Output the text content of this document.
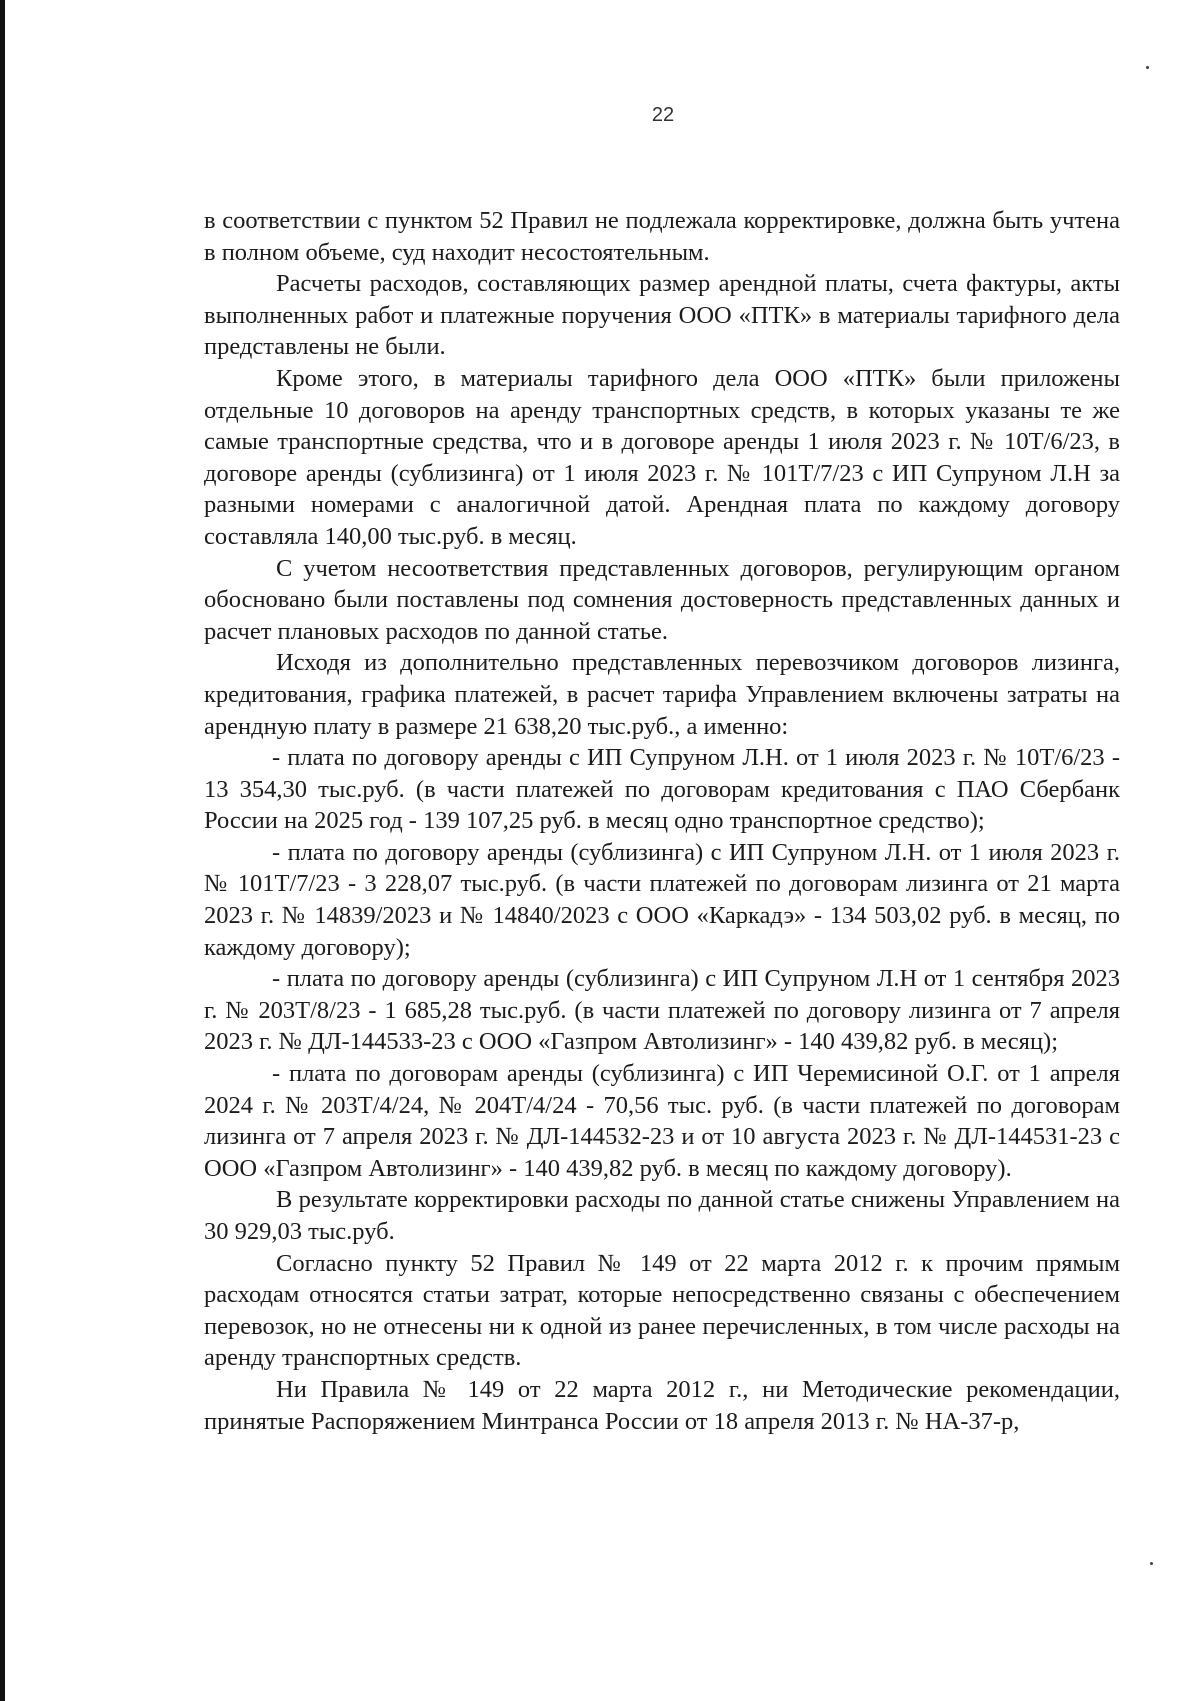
22

в соответствии с пунктом 52 Правил не подлежала корректировке, должна быть учтена в полном объеме, суд находит несостоятельным.

Расчеты расходов, составляющих размер арендной платы, счета фактуры, акты выполненных работ и платежные поручения ООО «ПТК» в материалы тарифного дела представлены не были.

Кроме этого, в материалы тарифного дела ООО «ПТК» были приложены отдельные 10 договоров на аренду транспортных средств, в которых указаны те же самые транспортные средства, что и в договоре аренды 1 июля 2023 г. № 10Т/6/23, в договоре аренды (сублизинга) от 1 июля 2023 г. № 101Т/7/23 с ИП Супруном Л.Н за разными номерами с аналогичной датой. Арендная плата по каждому договору составляла 140,00 тыс.руб. в месяц.

С учетом несоответствия представленных договоров, регулирующим органом обосновано были поставлены под сомнения достоверность представленных данных и расчет плановых расходов по данной статье.

Исходя из дополнительно представленных перевозчиком договоров лизинга, кредитования, графика платежей, в расчет тарифа Управлением включены затраты на арендную плату в размере 21 638,20 тыс.руб., а именно:

- плата по договору аренды с ИП Супруном Л.Н. от 1 июля 2023 г. № 10Т/6/23 - 13 354,30 тыс.руб. (в части платежей по договорам кредитования с ПАО Сбербанк России на 2025 год - 139 107,25 руб. в месяц одно транспортное средство);

- плата по договору аренды (сублизинга) с ИП Супруном Л.Н. от 1 июля 2023 г. № 101Т/7/23 - 3 228,07 тыс.руб. (в части платежей по договорам лизинга от 21 марта 2023 г. № 14839/2023 и № 14840/2023 с ООО «Каркадэ» - 134 503,02 руб. в месяц, по каждому договору);

- плата по договору аренды (сублизинга) с ИП Супруном Л.Н от 1 сентября 2023 г. № 203Т/8/23 - 1 685,28 тыс.руб. (в части платежей по договору лизинга от 7 апреля 2023 г. № ДЛ-144533-23 с ООО «Газпром Автолизинг» - 140 439,82 руб. в месяц);

- плата по договорам аренды (сублизинга) с ИП Черемисиной О.Г. от 1 апреля 2024 г. № 203Т/4/24, № 204Т/4/24 - 70,56 тыс. руб. (в части платежей по договорам лизинга от 7 апреля 2023 г. № ДЛ-144532-23 и от 10 августа 2023 г. № ДЛ-144531-23 с ООО «Газпром Автолизинг» - 140 439,82 руб. в месяц по каждому договору).

В результате корректировки расходы по данной статье снижены Управлением на 30 929,03 тыс.руб.

Согласно пункту 52 Правил № 149 от 22 марта 2012 г. к прочим прямым расходам относятся статьи затрат, которые непосредственно связаны с обеспечением перевозок, но не отнесены ни к одной из ранее перечисленных, в том числе расходы на аренду транспортных средств.

Ни Правила № 149 от 22 марта 2012 г., ни Методические рекомендации, принятые Распоряжением Минтранса России от 18 апреля 2013 г. № НА-37-р,
